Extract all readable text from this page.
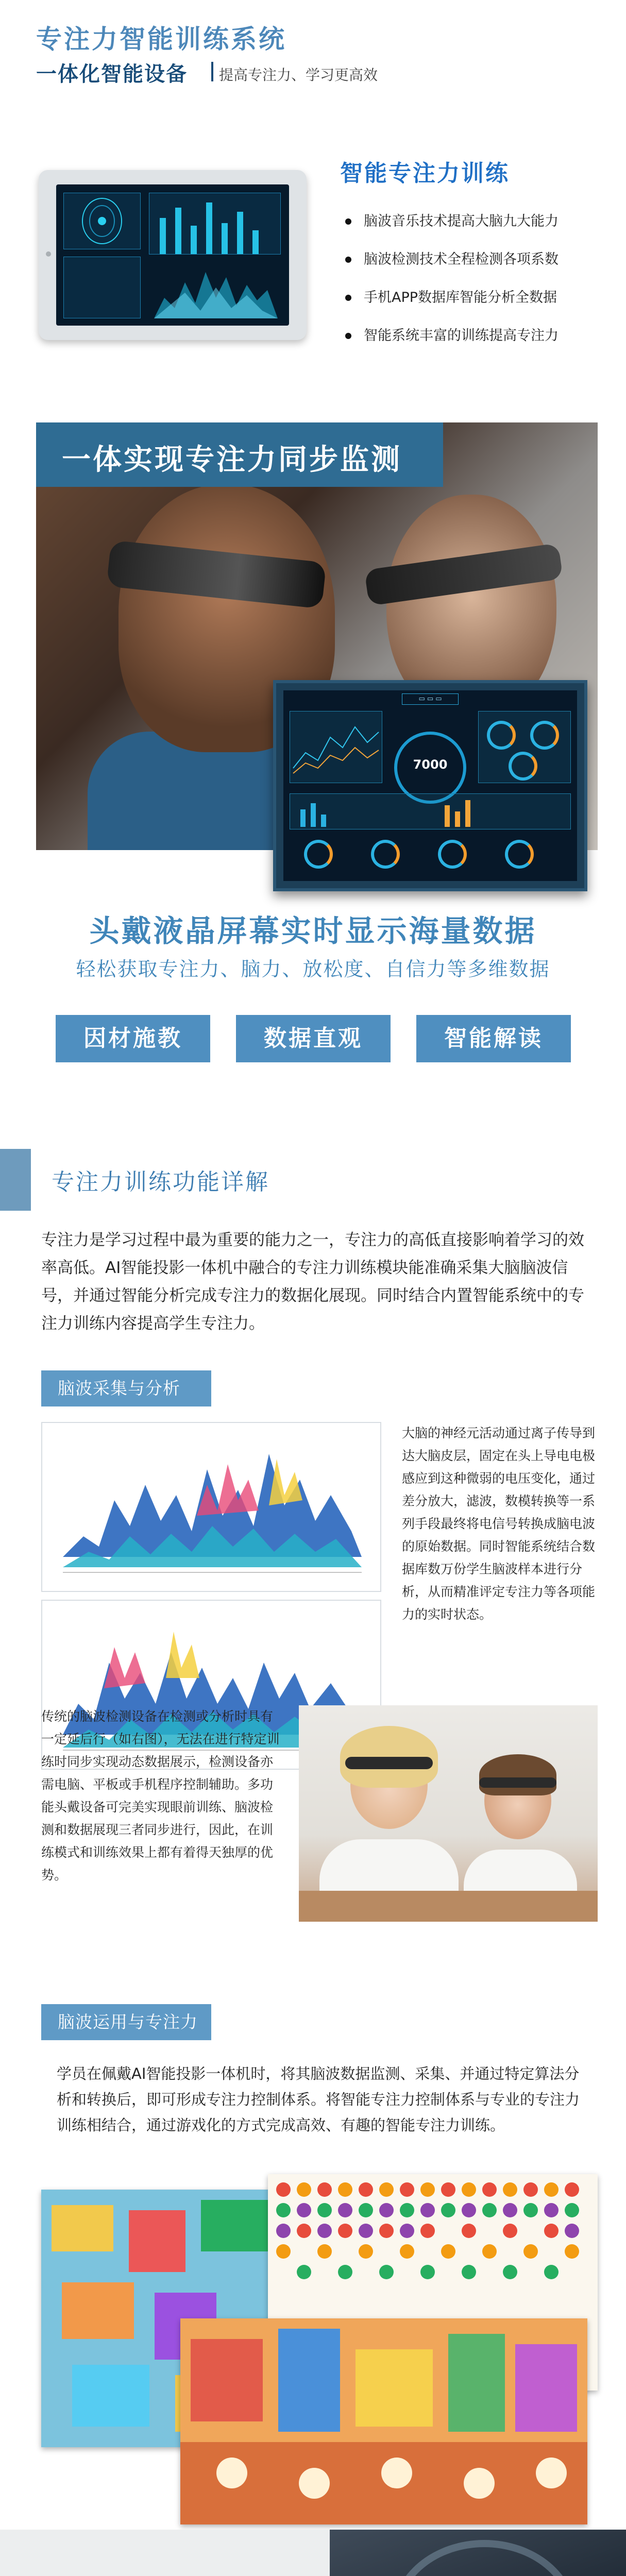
专注力智能训练系统
一体化智能设备 提高专注力、学习更高效
智能专注力训练
脑波音乐技术提高大脑九大能力
脑波检测技术全程检测各项系数
手机APP数据库智能分析全数据
智能系统丰富的训练提高专注力
一体实现专注力同步监测
▭ ▭ ▭
7000
头戴液晶屏幕实时显示海量数据
轻松获取专注力、脑力、放松度、自信力等多维数据
因材施教	数据直观	智能解读
专注力训练功能详解
专注力是学习过程中最为重要的能力之一，专注力的高低直接影响着学习的效率高低。AI智能投影一体机中融合的专注力训练模块能准确采集大脑脑波信号，并通过智能分析完成专注力的数据化展现。同时结合内置智能系统中的专注力训练内容提高学生专注力。
脑波采集与分析
大脑的神经元活动通过离子传导到达大脑皮层，固定在头上导电电极感应到这种微弱的电压变化，通过差分放大，滤波，数模转换等一系列手段最终将电信号转换成脑电波的原始数据。同时智能系统结合数据库数万份学生脑波样本进行分析，从而精准评定专注力等各项能力的实时状态。
传统的脑波检测设备在检测或分析时具有一定延后行（如右图），无法在进行特定训练时同步实现动态数据展示，检测设备亦需电脑、平板或手机程序控制辅助。多功能头戴设备可完美实现眼前训练、脑波检测和数据展现三者同步进行，因此，在训练模式和训练效果上都有着得天独厚的优势。
脑波运用与专注力
学员在佩戴AI智能投影一体机时，将其脑波数据监测、采集、并通过特定算法分析和转换后，即可形成专注力控制体系。将智能专注力控制体系与专业的专注力训练相结合，通过游戏化的方式完成高效、有趣的智能专注力训练。
